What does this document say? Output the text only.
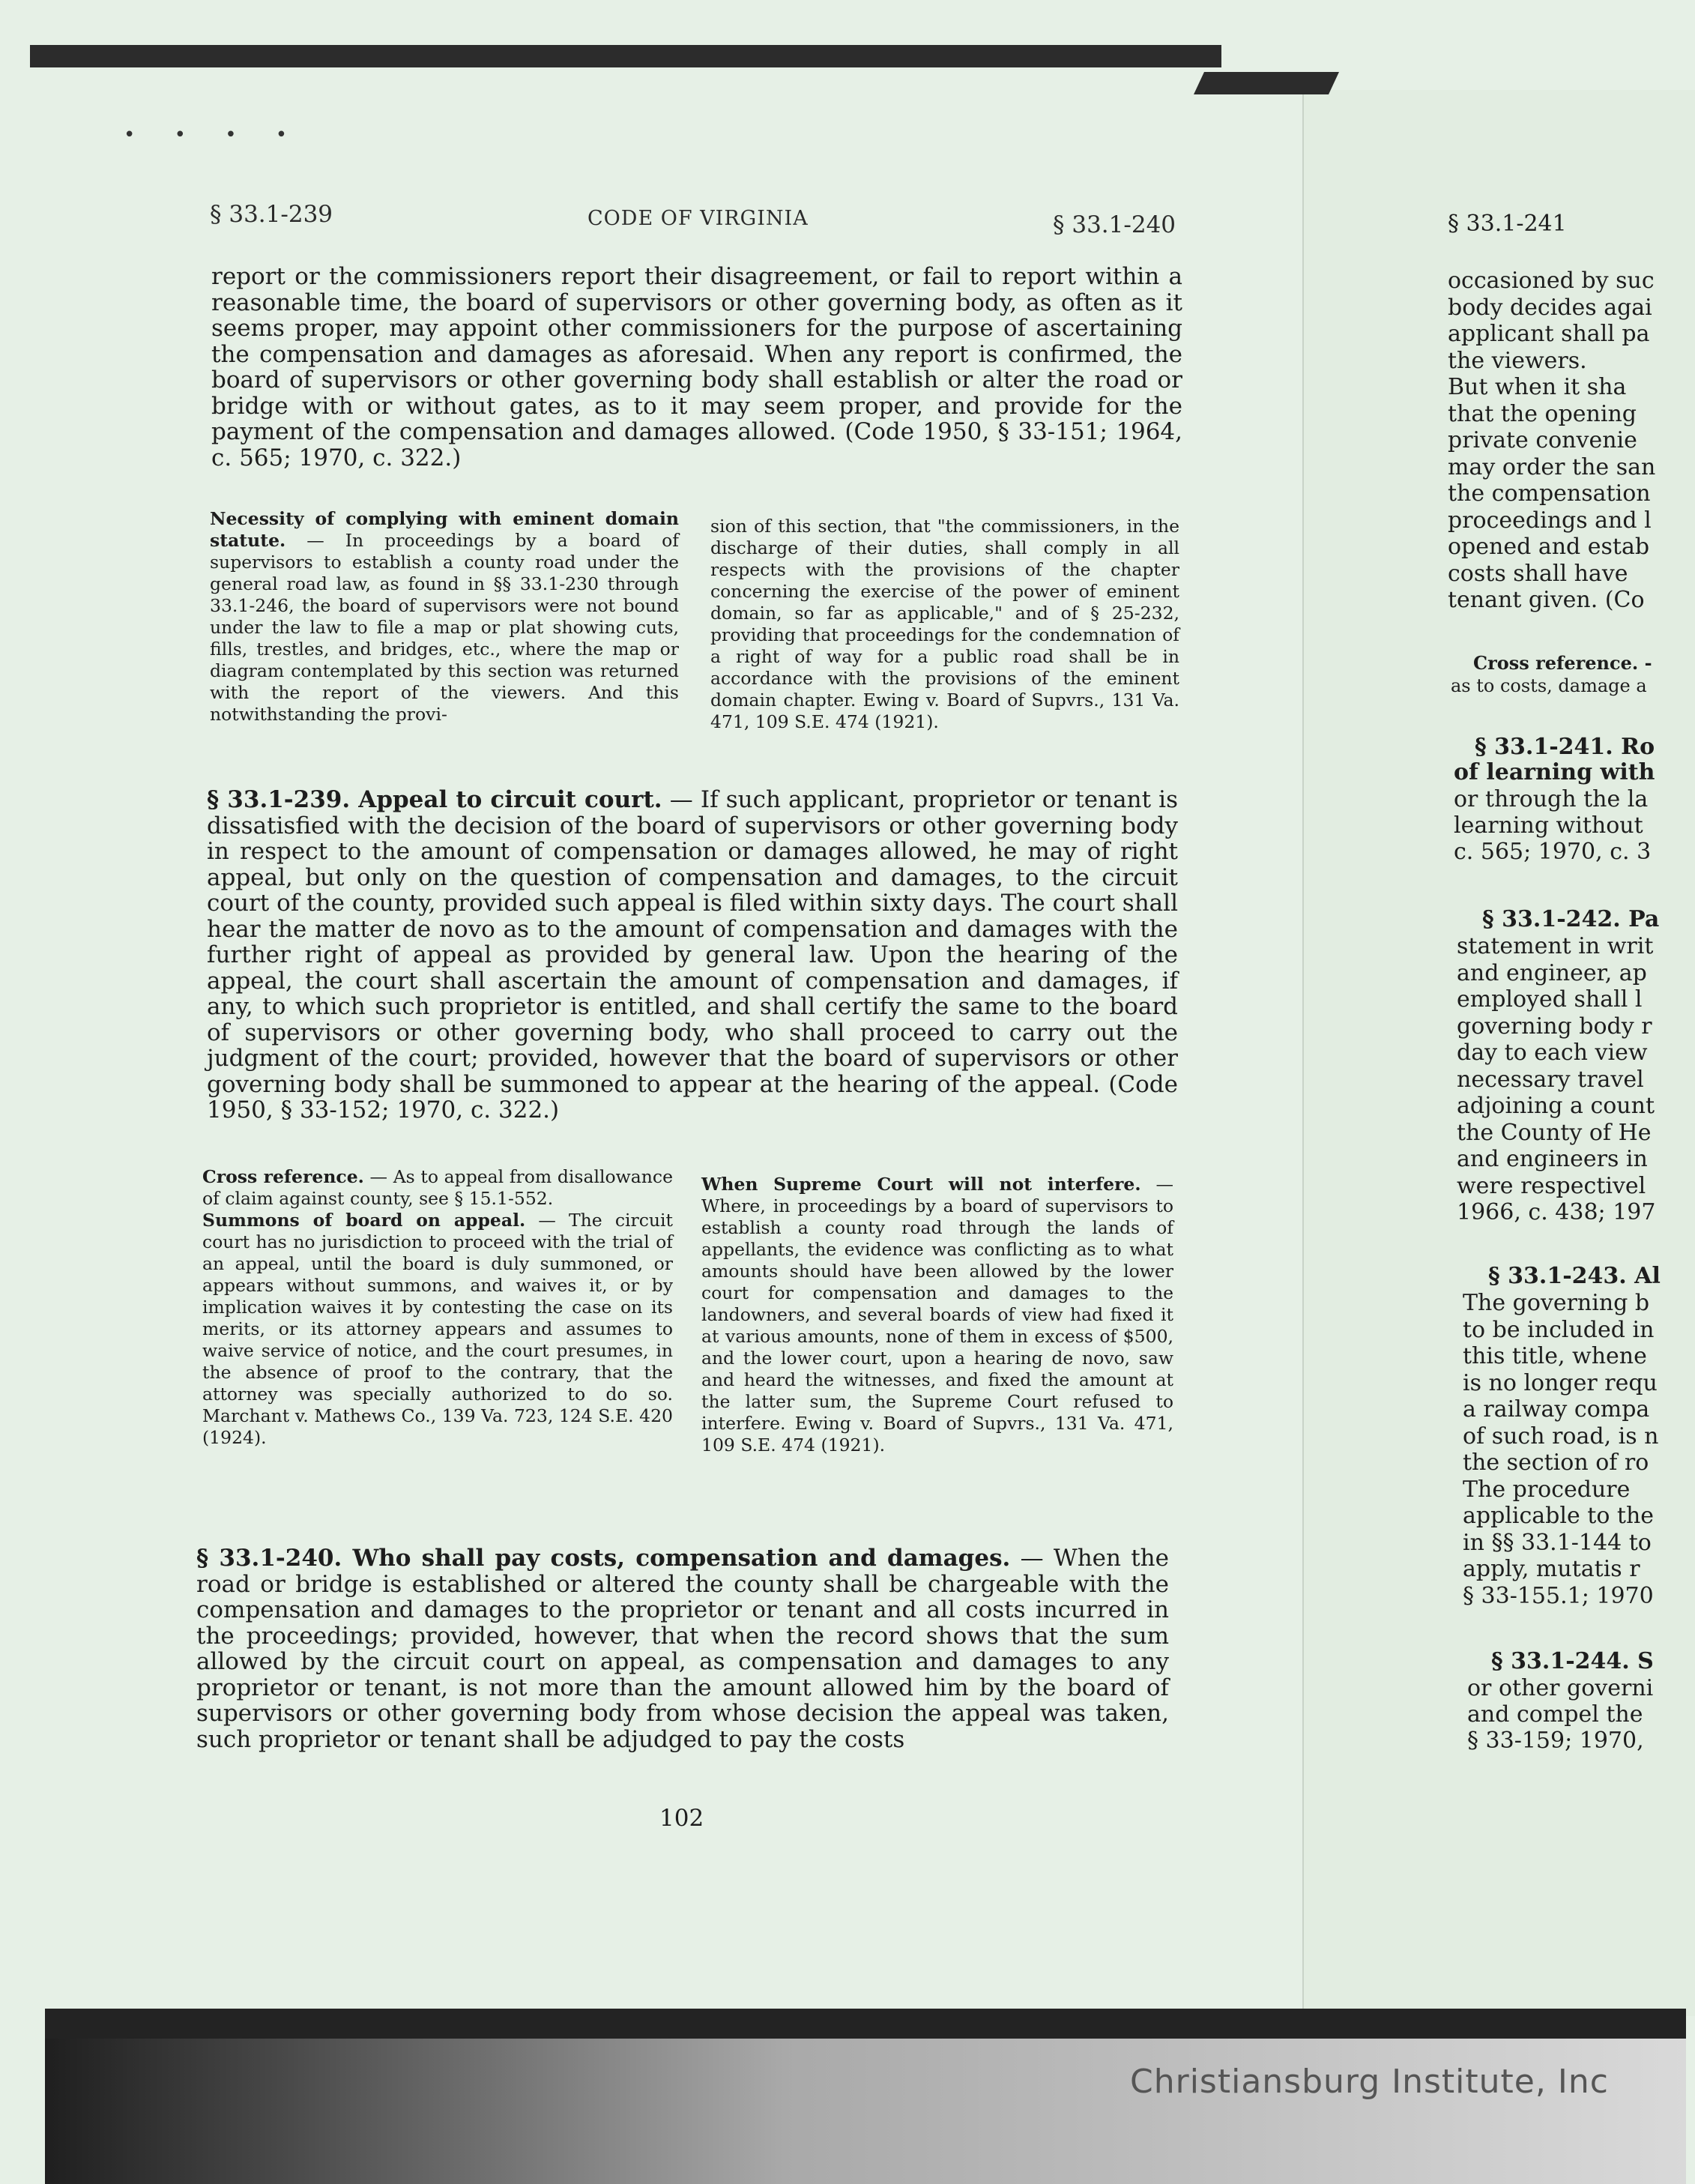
• • • •
§ 33.1-239	CODE OF VIRGINIA	§ 33.1-240
report or the commissioners report their disagreement, or fail to report within a reasonable time, the board of supervisors or other governing body, as often as it seems proper, may appoint other commissioners for the purpose of ascertaining the compensation and damages as aforesaid. When any report is confirmed, the board of supervisors or other governing body shall establish or alter the road or bridge with or without gates, as to it may seem proper, and provide for the payment of the compensation and damages allowed. (Code 1950, § 33-151; 1964, c. 565; 1970, c. 322.)
Necessity of complying with eminent domain statute. — In proceedings by a board of supervisors to establish a county road under the general road law, as found in §§ 33.1-230 through 33.1-246, the board of supervisors were not bound under the law to file a map or plat showing cuts, fills, trestles, and bridges, etc., where the map or diagram contemplated by this section was returned with the report of the viewers. And this notwithstanding the provi-
sion of this section, that "the commissioners, in the discharge of their duties, shall comply in all respects with the provisions of the chapter concerning the exercise of the power of eminent domain, so far as applicable," and of § 25-232, providing that proceedings for the condemnation of a right of way for a public road shall be in accordance with the provisions of the eminent domain chapter. Ewing v. Board of Supvrs., 131 Va. 471, 109 S.E. 474 (1921).
§ 33.1-239. Appeal to circuit court. — If such applicant, proprietor or tenant is dissatisfied with the decision of the board of supervisors or other governing body in respect to the amount of compensation or damages allowed, he may of right appeal, but only on the question of compensation and damages, to the circuit court of the county, provided such appeal is filed within sixty days. The court shall hear the matter de novo as to the amount of compensation and damages with the further right of appeal as provided by general law. Upon the hearing of the appeal, the court shall ascertain the amount of compensation and damages, if any, to which such proprietor is entitled, and shall certify the same to the board of supervisors or other governing body, who shall proceed to carry out the judgment of the court; provided, however that the board of supervisors or other governing body shall be summoned to appear at the hearing of the appeal. (Code 1950, § 33-152; 1970, c. 322.)
Cross reference. — As to appeal from disallowance of claim against county, see § 15.1-552.
Summons of board on appeal. — The circuit court has no jurisdiction to proceed with the trial of an appeal, until the board is duly summoned, or appears without summons, and waives it, or by implication waives it by contesting the case on its merits, or its attorney appears and assumes to waive service of notice, and the court presumes, in the absence of proof to the contrary, that the attorney was specially authorized to do so. Marchant v. Mathews Co., 139 Va. 723, 124 S.E. 420 (1924).
When Supreme Court will not interfere. — Where, in proceedings by a board of supervisors to establish a county road through the lands of appellants, the evidence was conflicting as to what amounts should have been allowed by the lower court for compensation and damages to the landowners, and several boards of view had fixed it at various amounts, none of them in excess of $500, and the lower court, upon a hearing de novo, saw and heard the witnesses, and fixed the amount at the latter sum, the Supreme Court refused to interfere. Ewing v. Board of Supvrs., 131 Va. 471, 109 S.E. 474 (1921).
§ 33.1-240. Who shall pay costs, compensation and damages. — When the road or bridge is established or altered the county shall be chargeable with the compensation and damages to the proprietor or tenant and all costs incurred in the proceedings; provided, however, that when the record shows that the sum allowed by the circuit court on appeal, as compensation and damages to any proprietor or tenant, is not more than the amount allowed him by the board of supervisors or other governing body from whose decision the appeal was taken, such proprietor or tenant shall be adjudged to pay the costs
102
§ 33.1-241
occasioned by suc
body decides agai
applicant shall pa
the viewers.
But when it sha
that the opening
private convenie
may order the san
the compensation
proceedings and l
opened and estab
costs shall have
tenant given. (Co
Cross reference. -
as to costs, damage a
§ 33.1-241. Ro
of learning with
or through the la
learning without
c. 565; 1970, c. 3
§ 33.1-242. Pa
statement in writ
and engineer, ap
employed shall l
governing body r
day to each view
necessary travel
adjoining a count
the County of He
and engineers in
were respectivel
1966, c. 438; 197
§ 33.1-243. Al
The governing b
to be included in
this title, whene
is no longer requ
a railway compa
of such road, is n
the section of ro
The procedure
applicable to the
in §§ 33.1-144 to
apply, mutatis r
§ 33-155.1; 1970
§ 33.1-244. S
or other governi
and compel the
§ 33-159; 1970,
Christiansburg Institute, Inc
